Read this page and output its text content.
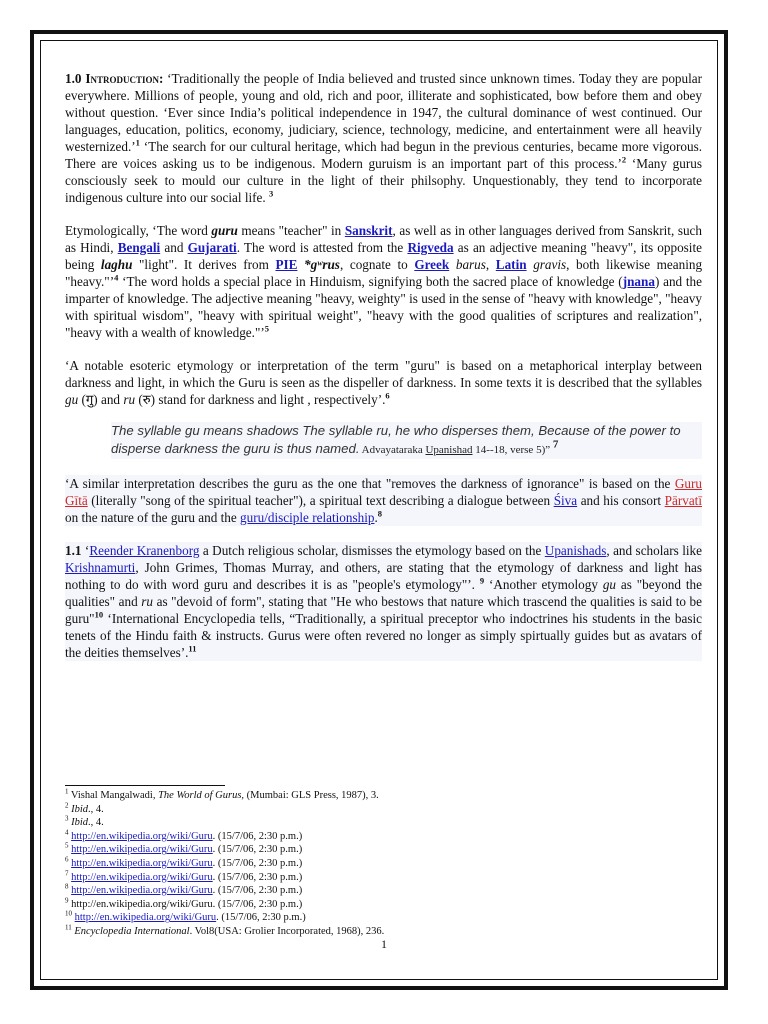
1.0 Introduction: ‘Traditionally the people of India believed and trusted since unknown times. Today they are popular everywhere. Millions of people, young and old, rich and poor, illiterate and sophisticated, bow before them and obey without question. ‘Ever since India’s political independence in 1947, the cultural dominance of west continued. Our languages, education, politics, economy, judiciary, science, technology, medicine, and entertainment were all heavily westernized.’$^1$ ‘The search for our cultural heritage, which had begun in the previous centuries, became more vigorous. There are voices asking us to be indigenous. Modern guruism is an important part of this process.’$^2$ ‘Many gurus consciously seek to mould our culture in the light of their philsophy. Unquestionably, they tend to incorporate indigenous culture into our social life. $^3$

Etymologically, ‘The word guru means "teacher" in Sanskrit, as well as in other languages derived from Sanskrit, such as Hindi, Bengali and Gujarati. The word is attested from the Rigveda as an adjective meaning "heavy", its opposite being laghu "light". It derives from PIE *gʷrus, cognate to Greek barus, Latin gravis, both likewise meaning "heavy."’$^4$ ‘The word holds a special place in Hinduism, signifying both the sacred place of knowledge (jnana) and the imparter of knowledge. The adjective meaning "heavy, weighty" is used in the sense of "heavy with knowledge", "heavy with spiritual wisdom", "heavy with spiritual weight", "heavy with the good qualities of scriptures and realization", "heavy with a wealth of knowledge."’$^5$

‘A notable esoteric etymology or interpretation of the term "guru" is based on a metaphorical interplay between darkness and light, in which the Guru is seen as the dispeller of darkness. In some texts it is described that the syllables gu (गु) and ru (रु) stand for darkness and light , respectively’.$^6$

The syllable gu means shadows The syllable ru, he who disperses them, Because of the power to disperse darkness the guru is thus named. Advayataraka Upanishad 14--18, verse 5)” $^7$

‘A similar interpretation describes the guru as the one that "removes the darkness of ignorance" is based on the Guru Gītā (literally "song of the spiritual teacher"), a spiritual text describing a dialogue between Śiva and his consort Pārvatī on the nature of the guru and the guru/disciple relationship.$^8$

1.1 ‘Reender Kranenborg a Dutch religious scholar, dismisses the etymology based on the Upanishads, and scholars like Krishnamurti, John Grimes, Thomas Murray, and others, are stating that the etymology of darkness and light has nothing to do with word guru and describes it is as "people's etymology"’. $^9$ ‘Another etymology gu as "beyond the qualities" and ru as "devoid of form", stating that "He who bestows that nature which trascend the qualities is said to be guru"$^{10}$ ‘International Encyclopedia tells, “Traditionally, a spiritual preceptor who indoctrines his students in the basic tenets of the Hindu faith & instructs. Gurus were often revered no longer as simply spirtually guides but as avatars of the deities themselves’.$^{11}$

$^1$ Vishal Mangalwadi, The World of Gurus, (Mumbai: GLS Press, 1987), 3.
$^2$ Ibid., 4.
$^3$ Ibid., 4.
$^4$ http://en.wikipedia.org/wiki/Guru. (15/7/06, 2:30 p.m.)
$^5$ http://en.wikipedia.org/wiki/Guru. (15/7/06, 2:30 p.m.)
$^6$ http://en.wikipedia.org/wiki/Guru. (15/7/06, 2:30 p.m.)
$^7$ http://en.wikipedia.org/wiki/Guru. (15/7/06, 2:30 p.m.)
$^8$ http://en.wikipedia.org/wiki/Guru. (15/7/06, 2:30 p.m.)
$^9$ http://en.wikipedia.org/wiki/Guru. (15/7/06, 2:30 p.m.)
$^{10}$ http://en.wikipedia.org/wiki/Guru. (15/7/06, 2:30 p.m.)
$^{11}$ Encyclopedia International. Vol8(USA: Grolier Incorporated, 1968), 236.
1
